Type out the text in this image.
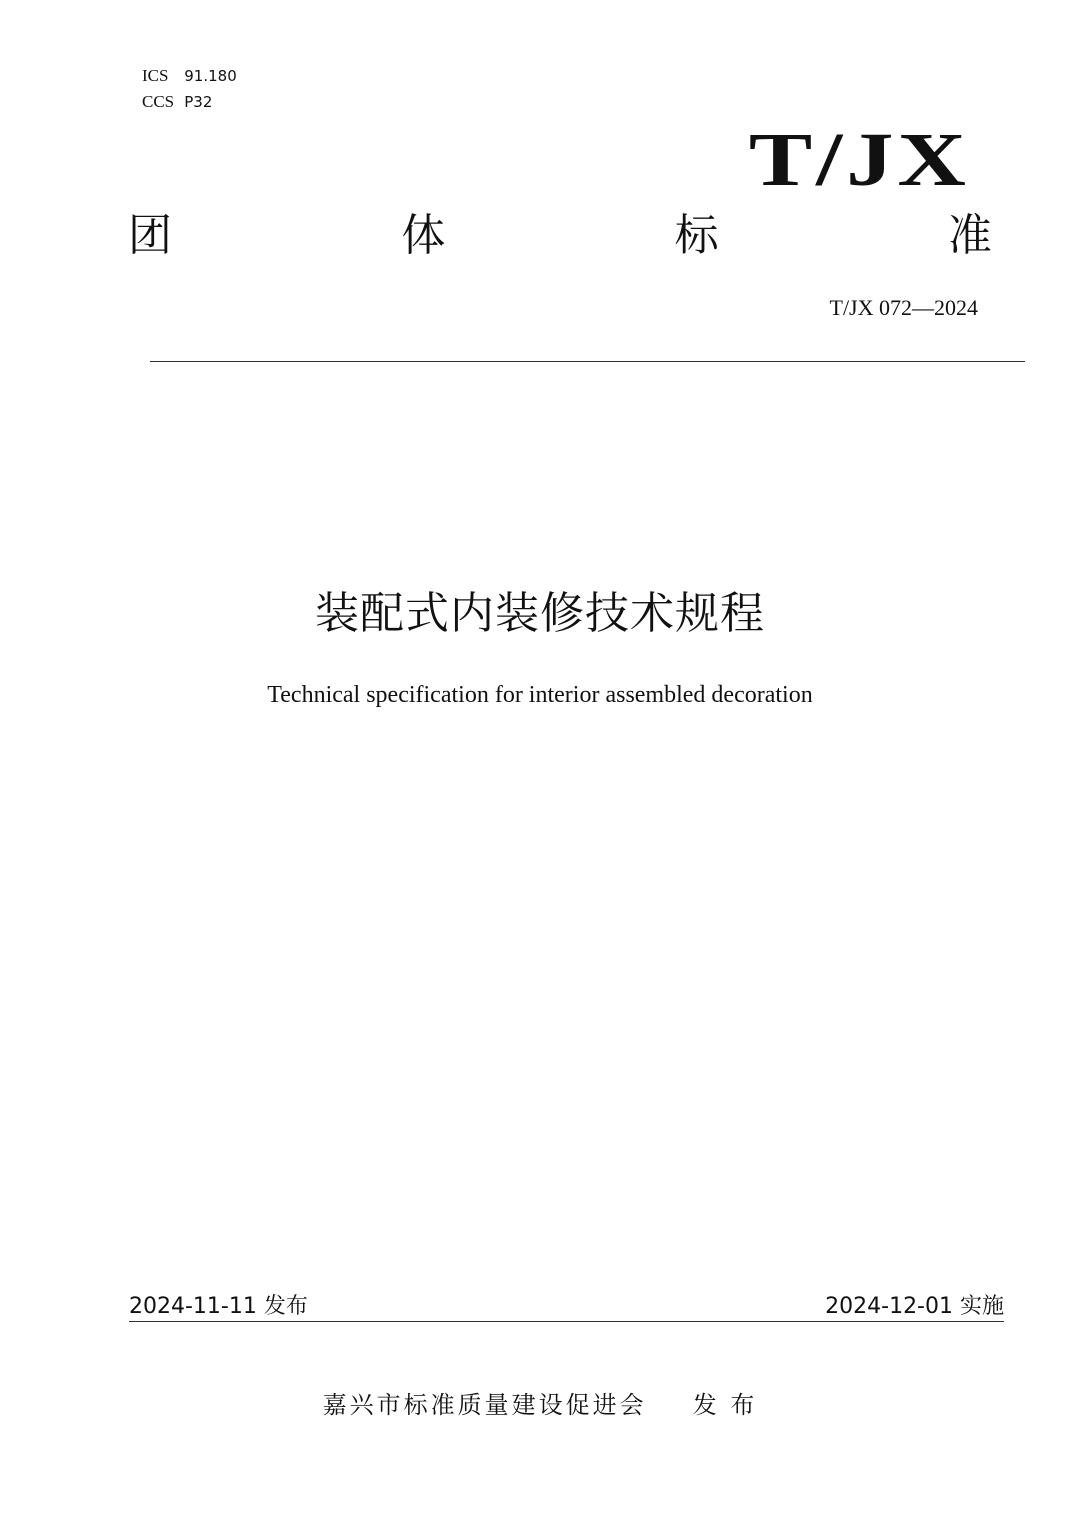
ICS 91.180
CCS P32
T/JX
团	体	标	准
T/JX 072—2024
装配式内装修技术规程
Technical specification for interior assembled decoration
2024-11-11 发布	2024-12-01 实施
嘉兴市标准质量建设促进会 发 布
